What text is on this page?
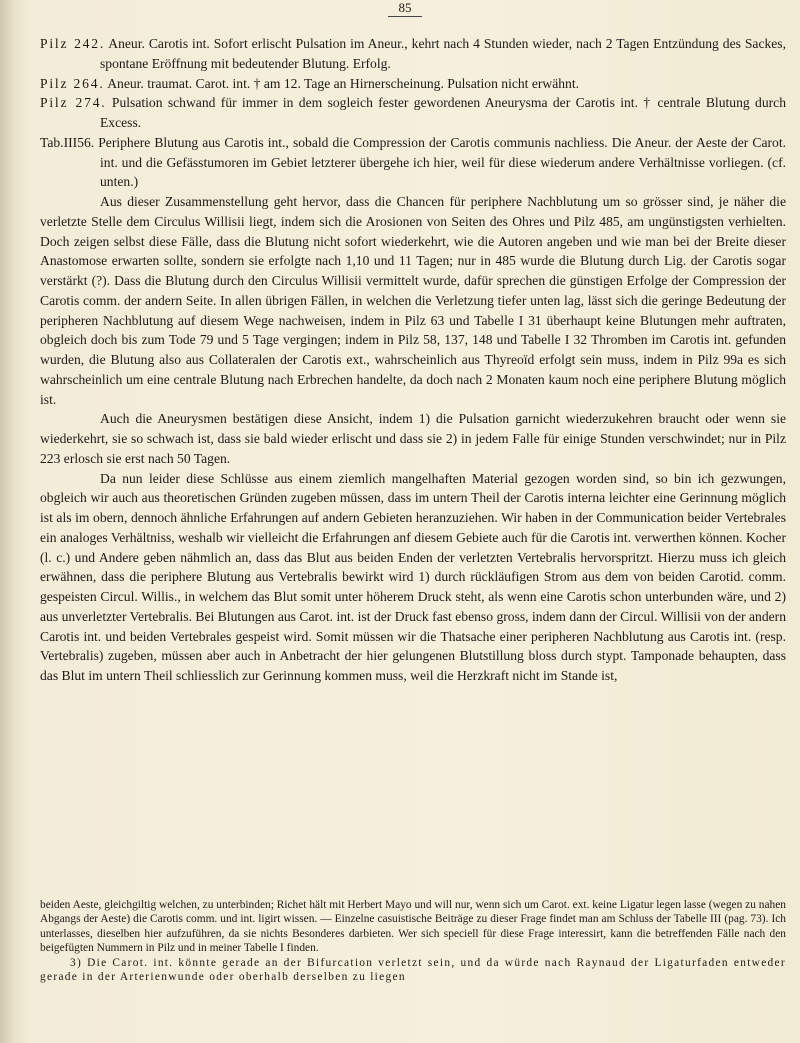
85

Pilz 242. Aneur. Carotis int. Sofort erlischt Pulsation im Aneur., kehrt nach 4 Stunden wieder, nach 2 Tagen Entzündung des Sackes, spontane Eröffnung mit bedeutender Blutung. Erfolg.

Pilz 264. Aneur. traumat. Carot. int. † am 12. Tage an Hirnerscheinung. Pulsation nicht erwähnt.

Pilz 274. Pulsation schwand für immer in dem sogleich fester gewordenen Aneurysma der Carotis int. † centrale Blutung durch Excess.

Tab.III56. Periphere Blutung aus Carotis int., sobald die Compression der Carotis communis nachliess. Die Aneur. der Aeste der Carot. int. und die Gefässtumoren im Gebiet letzterer übergehe ich hier, weil für diese wiederum andere Verhältnisse vorliegen. (cf. unten.)

Aus dieser Zusammenstellung geht hervor, dass die Chancen für periphere Nachblutung um so grösser sind, je näher die verletzte Stelle dem Circulus Willisii liegt, indem sich die Arosionen von Seiten des Ohres und Pilz 485, am ungünstigsten verhielten. Doch zeigen selbst diese Fälle, dass die Blutung nicht sofort wiederkehrt, wie die Autoren angeben und wie man bei der Breite dieser Anastomose erwarten sollte, sondern sie erfolgte nach 1,10 und 11 Tagen; nur in 485 wurde die Blutung durch Lig. der Carotis sogar verstärkt (?). Dass die Blutung durch den Circulus Willisii vermittelt wurde, dafür sprechen die günstigen Erfolge der Compression der Carotis comm. der andern Seite. In allen übrigen Fällen, in welchen die Verletzung tiefer unten lag, lässt sich die geringe Bedeutung der peripheren Nachblutung auf diesem Wege nachweisen, indem in Pilz 63 und Tabelle I 31 überhaupt keine Blutungen mehr auftraten, obgleich doch bis zum Tode 79 und 5 Tage vergingen; indem in Pilz 58, 137, 148 und Tabelle I 32 Thromben im Carotis int. gefunden wurden, die Blutung also aus Collateralen der Carotis ext., wahrscheinlich aus Thyreoïd erfolgt sein muss, indem in Pilz 99a es sich wahrscheinlich um eine centrale Blutung nach Erbrechen handelte, da doch nach 2 Monaten kaum noch eine periphere Blutung möglich ist.

Auch die Aneurysmen bestätigen diese Ansicht, indem 1) die Pulsation garnicht wiederzukehren braucht oder wenn sie wiederkehrt, sie so schwach ist, dass sie bald wieder erlischt und dass sie 2) in jedem Falle für einige Stunden verschwindet; nur in Pilz 223 erlosch sie erst nach 50 Tagen.

Da nun leider diese Schlüsse aus einem ziemlich mangelhaften Material gezogen worden sind, so bin ich gezwungen, obgleich wir auch aus theoretischen Gründen zugeben müssen, dass im untern Theil der Carotis interna leichter eine Gerinnung möglich ist als im obern, dennoch ähnliche Erfahrungen auf andern Gebieten heranzuziehen. Wir haben in der Communication beider Vertebrales ein analoges Verhältniss, weshalb wir vielleicht die Erfahrungen anf diesem Gebiete auch für die Carotis int. verwerthen können. Kocher (l. c.) und Andere geben nähmlich an, dass das Blut aus beiden Enden der verletzten Vertebralis hervorspritzt. Hierzu muss ich gleich erwähnen, dass die periphere Blutung aus Vertebralis bewirkt wird 1) durch rückläufigen Strom aus dem von beiden Carotid. comm. gespeisten Circul. Willis., in welchem das Blut somit unter höherem Druck steht, als wenn eine Carotis schon unterbunden wäre, und 2) aus unverletzter Vertebralis. Bei Blutungen aus Carot. int. ist der Druck fast ebenso gross, indem dann der Circul. Willisii von der andern Carotis int. und beiden Vertebrales gespeist wird. Somit müssen wir die Thatsache einer peripheren Nachblutung aus Carotis int. (resp. Vertebralis) zugeben, müssen aber auch in Anbetracht der hier gelungenen Blutstillung bloss durch stypt. Tamponade behaupten, dass das Blut im untern Theil schliesslich zur Gerinnung kommen muss, weil die Herzkraft nicht im Stande ist,

beiden Aeste, gleichgiltig welchen, zu unterbinden; Richet hält mit Herbert Mayo und will nur, wenn sich um Carot. ext. keine Ligatur legen lasse (wegen zu nahen Abgangs der Aeste) die Carotis comm. und int. ligirt wissen. — Einzelne casuistische Beiträge zu dieser Frage findet man am Schluss der Tabelle III (pag. 73). Ich unterlasses, dieselben hier aufzuführen, da sie nichts Besonderes darbieten. Wer sich speciell für diese Frage interessirt, kann die betreffenden Fälle nach den beigefügten Nummern in Pilz und in meiner Tabelle I finden.

3) Die Carot. int. könnte gerade an der Bifurcation verletzt sein, und da würde nach Raynaud der Ligaturfaden entweder gerade in der Arterienwunde oder oberhalb derselben zu liegen
